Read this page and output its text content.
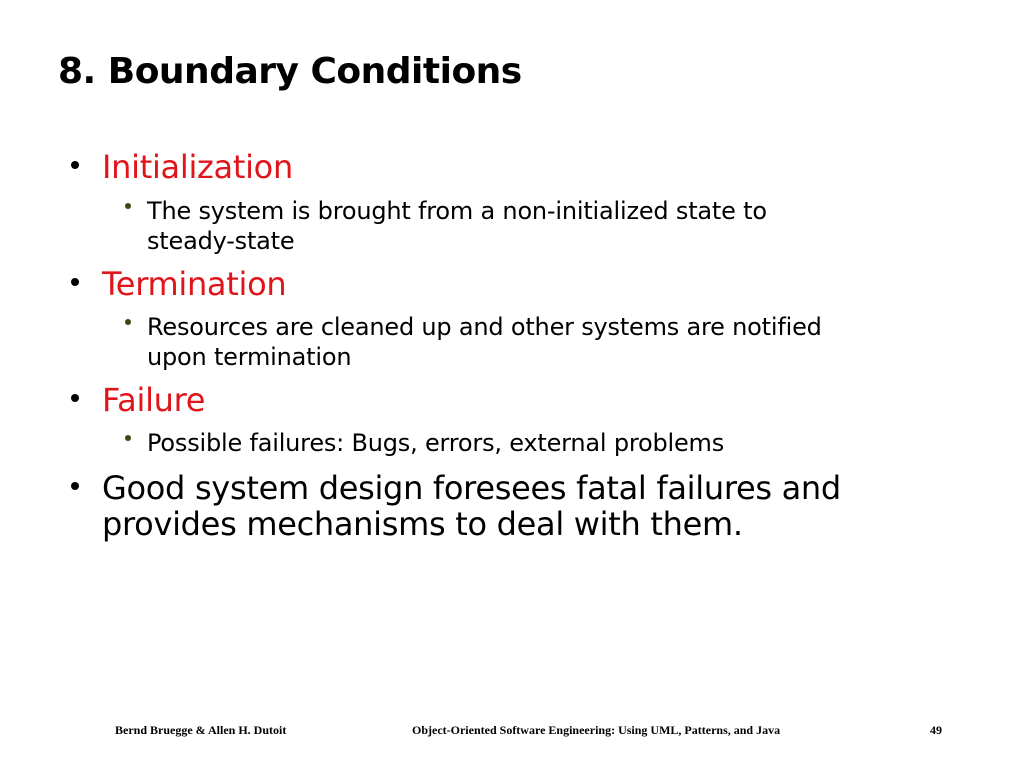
8. Boundary Conditions
Initialization
The system is brought from a non-initialized state to
steady-state
Termination
Resources are cleaned up and other systems are notified
upon termination
Failure
Possible failures: Bugs, errors, external problems
Good system design foresees fatal failures and
provides mechanisms to deal with them.
Bernd Bruegge & Allen H. Dutoit	Object-Oriented Software Engineering: Using UML, Patterns, and Java	49
